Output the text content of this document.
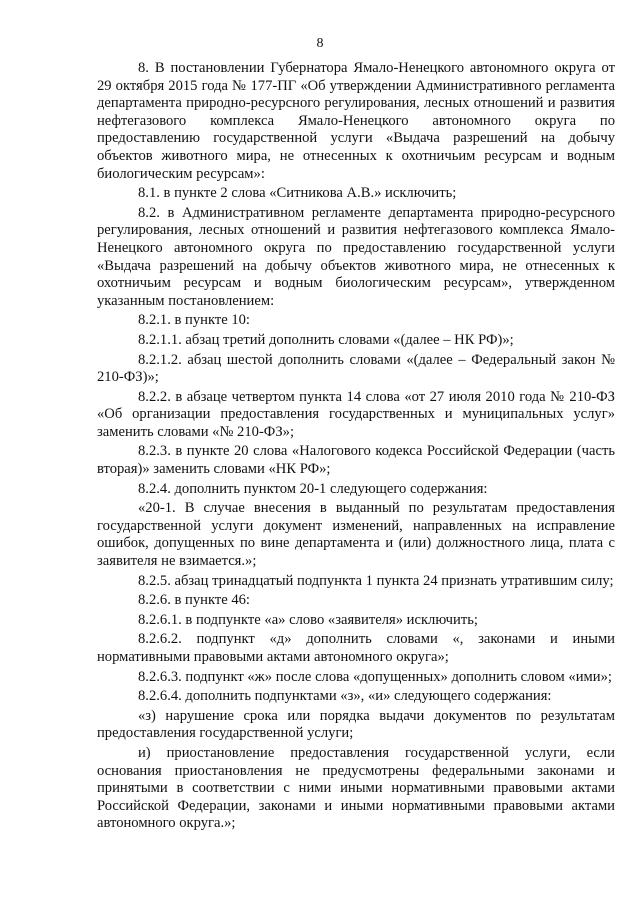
8

8. В постановлении Губернатора Ямало-Ненецкого автономного округа от 29 октября 2015 года № 177-ПГ «Об утверждении Административного регламента департамента природно-ресурсного регулирования, лесных отношений и развития нефтегазового комплекса Ямало-Ненецкого автономного округа по предоставлению государственной услуги «Выдача разрешений на добычу объектов животного мира, не отнесенных к охотничьим ресурсам и водным биологическим ресурсам»:

8.1. в пункте 2 слова «Ситникова А.В.» исключить;

8.2. в Административном регламенте департамента природно-ресурсного регулирования, лесных отношений и развития нефтегазового комплекса Ямало-Ненецкого автономного округа по предоставлению государственной услуги «Выдача разрешений на добычу объектов животного мира, не отнесенных к охотничьим ресурсам и водным биологическим ресурсам», утвержденном указанным постановлением:

8.2.1. в пункте 10:

8.2.1.1. абзац третий дополнить словами «(далее – НК РФ)»;

8.2.1.2. абзац шестой дополнить словами «(далее – Федеральный закон № 210-ФЗ)»;

8.2.2. в абзаце четвертом пункта 14 слова «от 27 июля 2010 года № 210-ФЗ «Об организации предоставления государственных и муниципальных услуг» заменить словами «№ 210-ФЗ»;

8.2.3. в пункте 20 слова «Налогового кодекса Российской Федерации (часть вторая)» заменить словами «НК РФ»;

8.2.4. дополнить пунктом 20-1 следующего содержания:

«20-1. В случае внесения в выданный по результатам предоставления государственной услуги документ изменений, направленных на исправление ошибок, допущенных по вине департамента и (или) должностного лица, плата с заявителя не взимается.»;

8.2.5. абзац тринадцатый подпункта 1 пункта 24 признать утратившим силу;

8.2.6. в пункте 46:

8.2.6.1. в подпункте «а» слово «заявителя» исключить;

8.2.6.2. подпункт «д» дополнить словами «, законами и иными нормативными правовыми актами автономного округа»;

8.2.6.3. подпункт «ж» после слова «допущенных» дополнить словом «ими»;

8.2.6.4. дополнить подпунктами «з», «и» следующего содержания:

«з) нарушение срока или порядка выдачи документов по результатам предоставления государственной услуги;

и) приостановление предоставления государственной услуги, если основания приостановления не предусмотрены федеральными законами и принятыми в соответствии с ними иными нормативными правовыми актами Российской Федерации, законами и иными нормативными правовыми актами автономного округа.»;
